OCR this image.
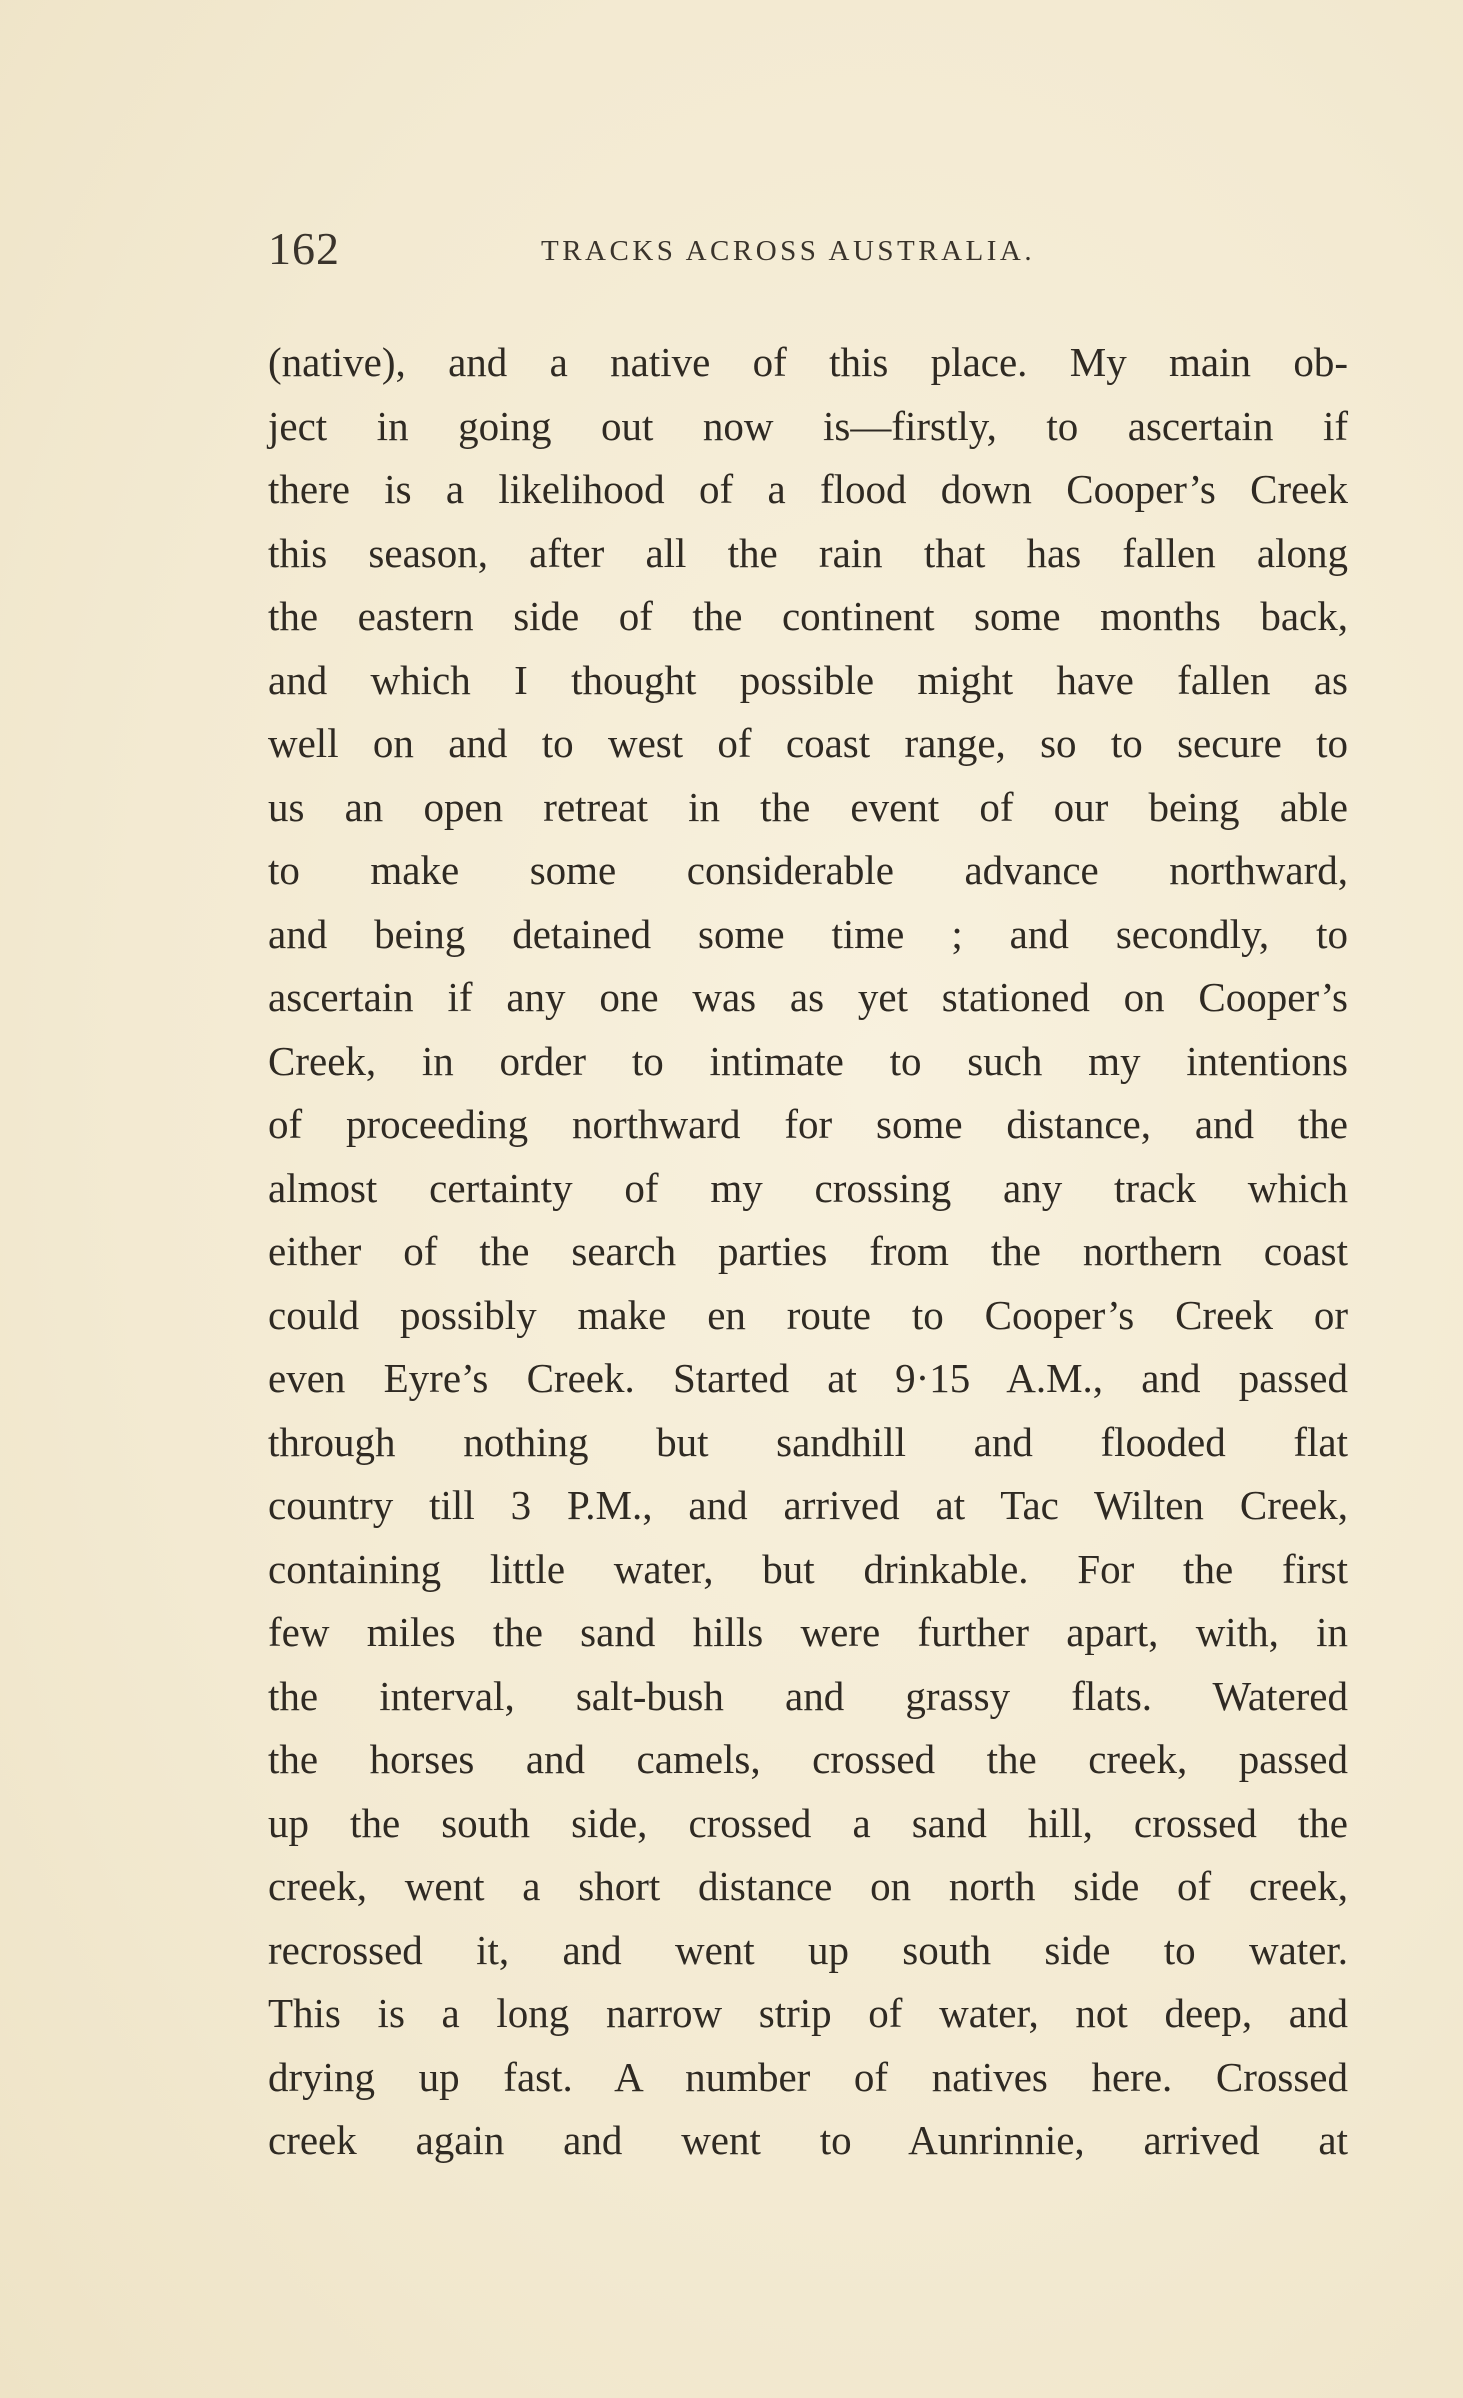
162	TRACKS ACROSS AUSTRALIA.
(native), and a native of this place. My main ob-
ject in going out now is—firstly, to ascertain if
there is a likelihood of a flood down Cooper’s Creek
this season, after all the rain that has fallen along
the eastern side of the continent some months back,
and which I thought possible might have fallen as
well on and to west of coast range, so to secure to
us an open retreat in the event of our being able
to make some considerable advance northward,
and being detained some time ; and secondly, to
ascertain if any one was as yet stationed on Cooper’s
Creek, in order to intimate to such my intentions
of proceeding northward for some distance, and the
almost certainty of my crossing any track which
either of the search parties from the northern coast
could possibly make en route to Cooper’s Creek or
even Eyre’s Creek. Started at 9·15 A.M., and passed
through nothing but sandhill and flooded flat
country till 3 P.M., and arrived at Tac Wilten Creek,
containing little water, but drinkable. For the first
few miles the sand hills were further apart, with, in
the interval, salt-bush and grassy flats. Watered
the horses and camels, crossed the creek, passed
up the south side, crossed a sand hill, crossed the
creek, went a short distance on north side of creek,
recrossed it, and went up south side to water.
This is a long narrow strip of water, not deep, and
drying up fast. A number of natives here. Crossed
creek again and went to Aunrinnie, arrived at
